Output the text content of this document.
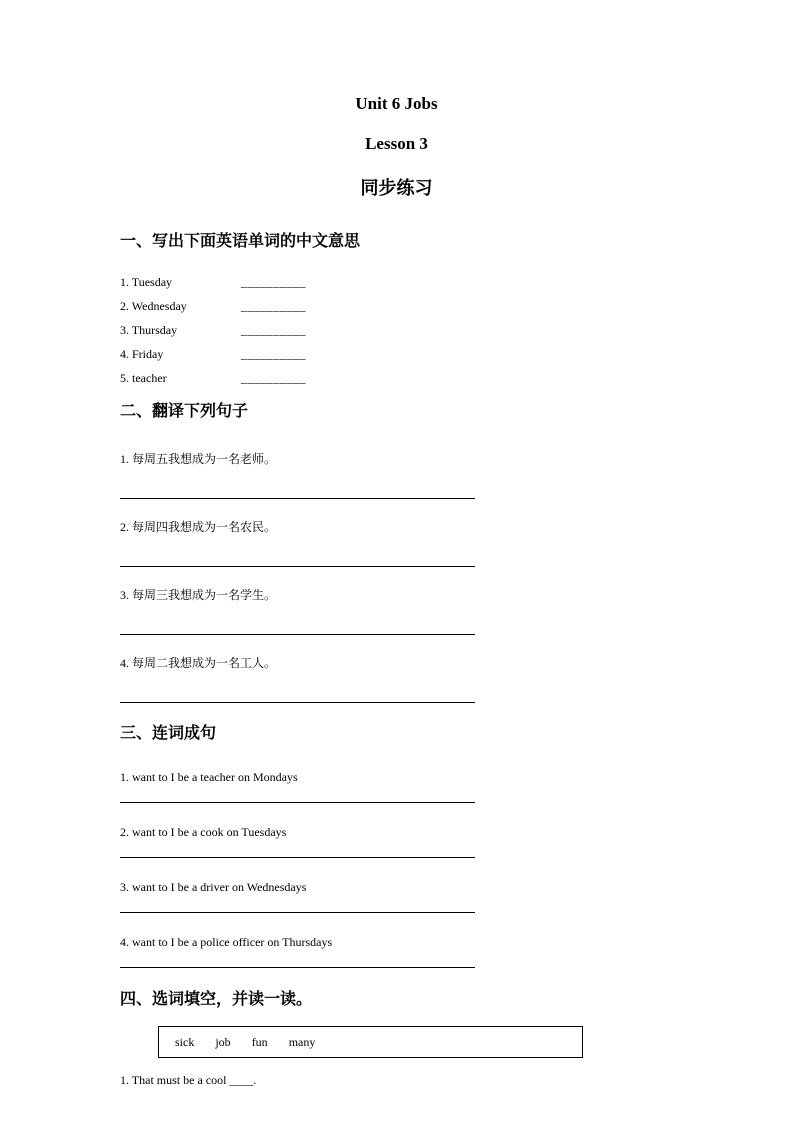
Unit 6 Jobs
Lesson 3
同步练习
一、写出下面英语单词的中文意思
1. Tuesday	__________
2. Wednesday	__________
3. Thursday	__________
4. Friday	__________
5. teacher	__________
二、翻译下列句子
1. 每周五我想成为一名老师。
2. 每周四我想成为一名农民。
3. 每周三我想成为一名学生。
4. 每周二我想成为一名工人。
三、连词成句
1. want to I be a teacher on Mondays
2. want to I be a cook on Tuesdays
3. want to I be a driver on Wednesdays
4. want to I be a police officer on Thursdays
四、选词填空，并读一读。
sick job fun many
1. That must be a cool ____.
